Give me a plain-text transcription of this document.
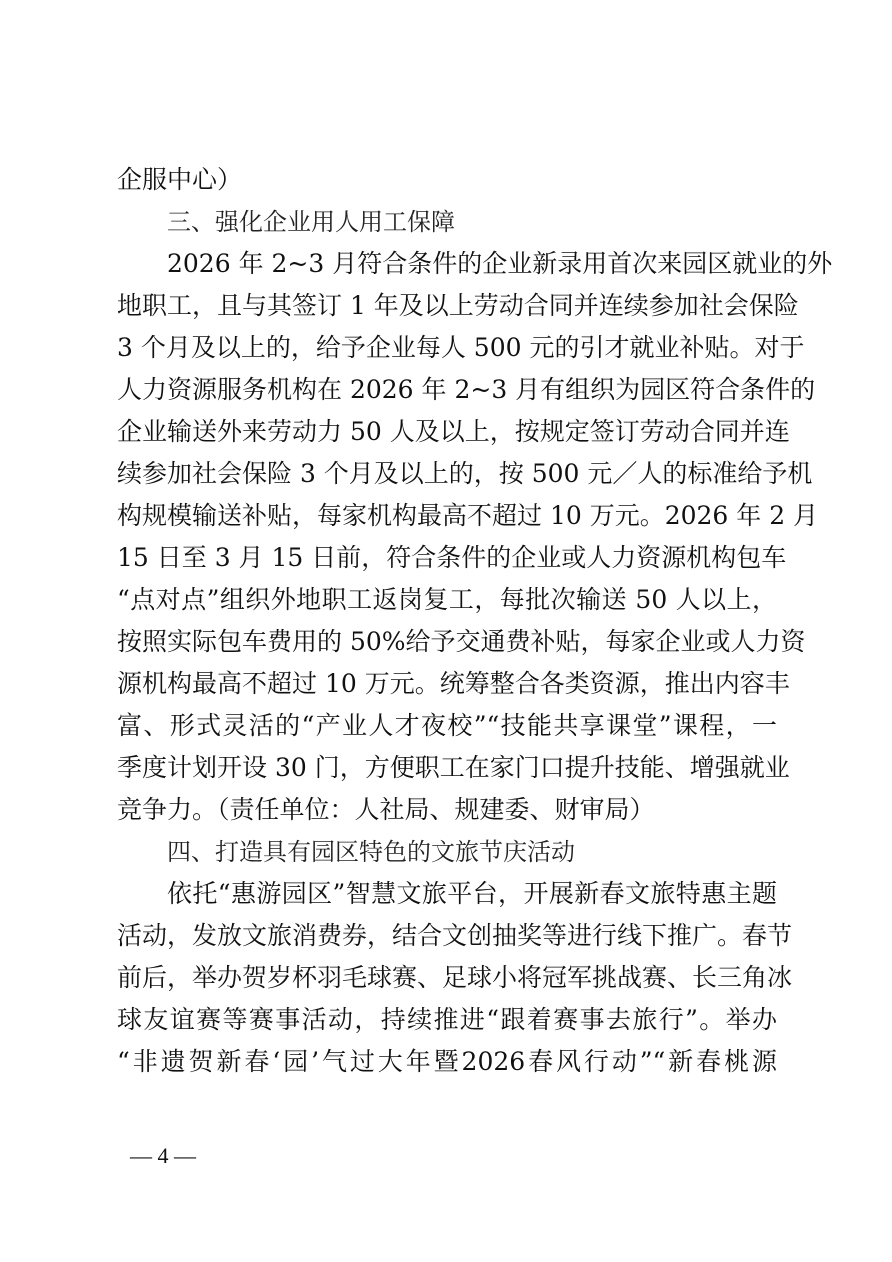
企服中心）
三、强化企业用人用工保障
2026 年 2~3 月符合条件的企业新录用首次来园区就业的外
地职工，且与其签订 1 年及以上劳动合同并连续参加社会保险
3 个月及以上的，给予企业每人 500 元的引才就业补贴。对于
人力资源服务机构在 2026 年 2~3 月有组织为园区符合条件的
企业输送外来劳动力 50 人及以上，按规定签订劳动合同并连
续参加社会保险 3 个月及以上的，按 500 元／人的标准给予机
构规模输送补贴，每家机构最高不超过 10 万元。2026 年 2 月
15 日至 3 月 15 日前，符合条件的企业或人力资源机构包车
“点对点”组织外地职工返岗复工，每批次输送 50 人以上，
按照实际包车费用的 50%给予交通费补贴，每家企业或人力资
源机构最高不超过 10 万元。统筹整合各类资源，推出内容丰
富、形式灵活的“产业人才夜校”“技能共享课堂”课程，一
季度计划开设 30 门，方便职工在家门口提升技能、增强就业
竞争力。（责任单位：人社局、规建委、财审局）
四、打造具有园区特色的文旅节庆活动
依托“惠游园区”智慧文旅平台，开展新春文旅特惠主题
活动，发放文旅消费券，结合文创抽奖等进行线下推广。春节
前后，举办贺岁杯羽毛球赛、足球小将冠军挑战赛、长三角冰
球友谊赛等赛事活动，持续推进“跟着赛事去旅行”。举办
“非遗贺新春‘园’气过大年暨2026春风行动”“新春桃源
— 4 —
